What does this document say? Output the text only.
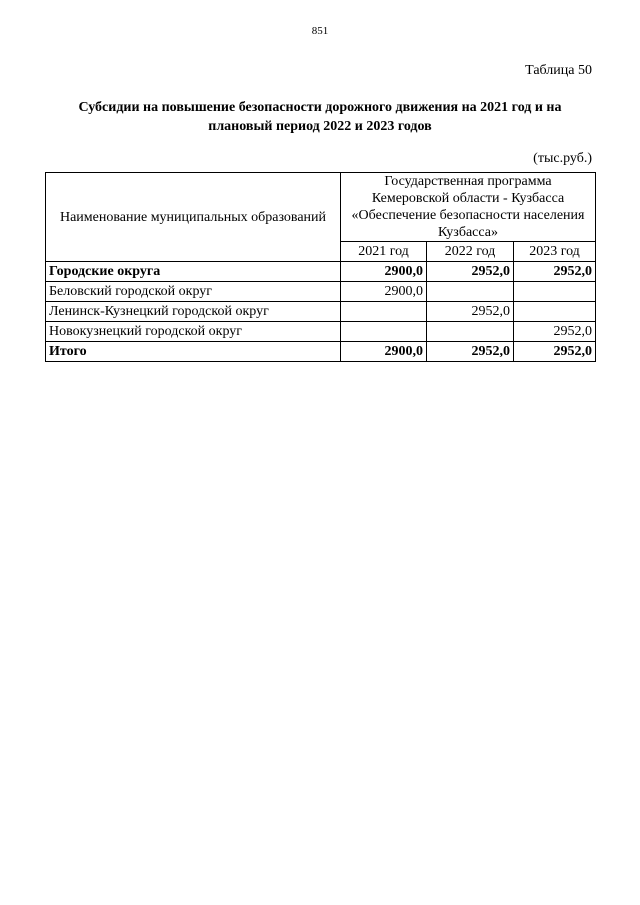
851
Таблица 50
Субсидии на повышение безопасности дорожного движения на 2021 год и на
плановый период 2022 и 2023 годов
(тыс.руб.)
Наименование муниципальных образований	Государственная программа
Кемеровской области - Кузбасса
«Обеспечение безопасности населения
Кузбасса»		

	2021 год	2022 год	2023 год
Городские округа	2900,0	2952,0	2952,0
Беловский городской округ	2900,0		
Ленинск-Кузнецкий городской округ		2952,0	
Новокузнецкий городской округ			2952,0
Итого	2900,0	2952,0	2952,0
